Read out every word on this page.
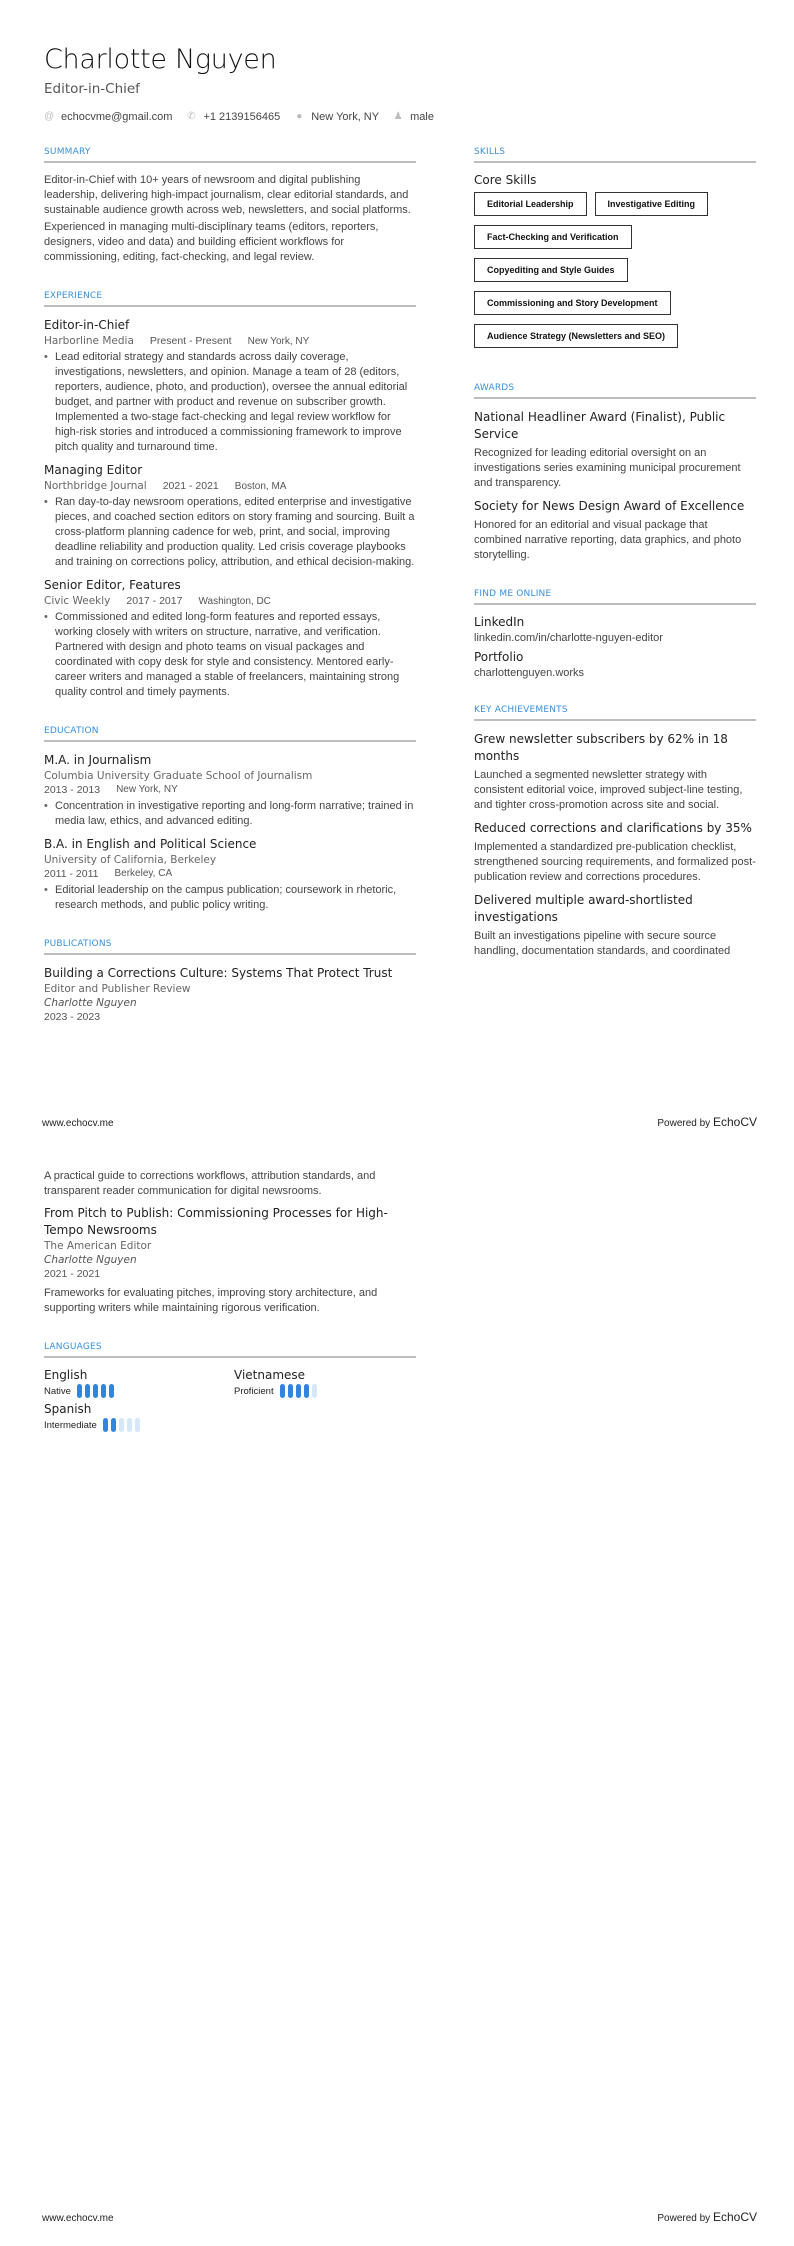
Charlotte Nguyen
Editor-in-Chief
@ echocvme@gmail.com ✆ +1 2139156465 ● New York, NY ♟ male
SUMMARY

Editor-in-Chief with 10+ years of newsroom and digital publishing leadership, delivering high-impact journalism, clear editorial standards, and sustainable audience growth across web, newsletters, and social platforms.

Experienced in managing multi-disciplinary teams (editors, reporters, designers, video and data) and building efficient workflows for commissioning, editing, fact-checking, and legal review.

EXPERIENCE
Editor-in-Chief
Harborline Media Present - Present New York, NY
• Lead editorial strategy and standards across daily coverage, investigations, newsletters, and opinion. Manage a team of 28 (editors, reporters, audience, photo, and production), oversee the annual editorial budget, and partner with product and revenue on subscriber growth. Implemented a two-stage fact-checking and legal review workflow for high-risk stories and introduced a commissioning framework to improve pitch quality and turnaround time.
Managing Editor
Northbridge Journal 2021 - 2021 Boston, MA
• Ran day-to-day newsroom operations, edited enterprise and investigative pieces, and coached section editors on story framing and sourcing. Built a cross-platform planning cadence for web, print, and social, improving deadline reliability and production quality. Led crisis coverage playbooks and training on corrections policy, attribution, and ethical decision-making.
Senior Editor, Features
Civic Weekly 2017 - 2017 Washington, DC
• Commissioned and edited long-form features and reported essays, working closely with writers on structure, narrative, and verification. Partnered with design and photo teams on visual packages and coordinated with copy desk for style and consistency. Mentored early-career writers and managed a stable of freelancers, maintaining strong quality control and timely payments.
EDUCATION
M.A. in Journalism
Columbia University Graduate School of Journalism
2013 - 2013 New York, NY
• Concentration in investigative reporting and long-form narrative; trained in media law, ethics, and advanced editing.
B.A. in English and Political Science
University of California, Berkeley
2011 - 2011 Berkeley, CA
• Editorial leadership on the campus publication; coursework in rhetoric, research methods, and public policy writing.
PUBLICATIONS
Building a Corrections Culture: Systems That Protect Trust
Editor and Publisher Review
Charlotte Nguyen
2023 - 2023
SKILLS
Core Skills
Editorial Leadership	Investigative Editing
Fact-Checking and Verification
Copyediting and Style Guides
Commissioning and Story Development
Audience Strategy (Newsletters and SEO)
AWARDS
National Headliner Award (Finalist), Public Service

Recognized for leading editorial oversight on an investigations series examining municipal procurement and transparency.

Society for News Design Award of Excellence

Honored for an editorial and visual package that combined narrative reporting, data graphics, and photo storytelling.

FIND ME ONLINE
LinkedIn
linkedin.com/in/charlotte-nguyen-editor
Portfolio
charlottenguyen.works
KEY ACHIEVEMENTS
Grew newsletter subscribers by 62% in 18 months

Launched a segmented newsletter strategy with consistent editorial voice, improved subject-line testing, and tighter cross-promotion across site and social.

Reduced corrections and clarifications by 35%

Implemented a standardized pre-publication checklist, strengthened sourcing requirements, and formalized post-publication review and corrections procedures.

Delivered multiple award-shortlisted investigations

Built an investigations pipeline with secure source handling, documentation standards, and coordinated

www.echocv.me	Powered by EchoCV

A practical guide to corrections workflows, attribution standards, and transparent reader communication for digital newsrooms.

From Pitch to Publish: Commissioning Processes for High-Tempo Newsrooms
The American Editor
Charlotte Nguyen
2021 - 2021

Frameworks for evaluating pitches, improving story architecture, and supporting writers while maintaining rigorous verification.

LANGUAGES
English
Native
Vietnamese
Proficient
Spanish
Intermediate
www.echocv.me	Powered by EchoCV
